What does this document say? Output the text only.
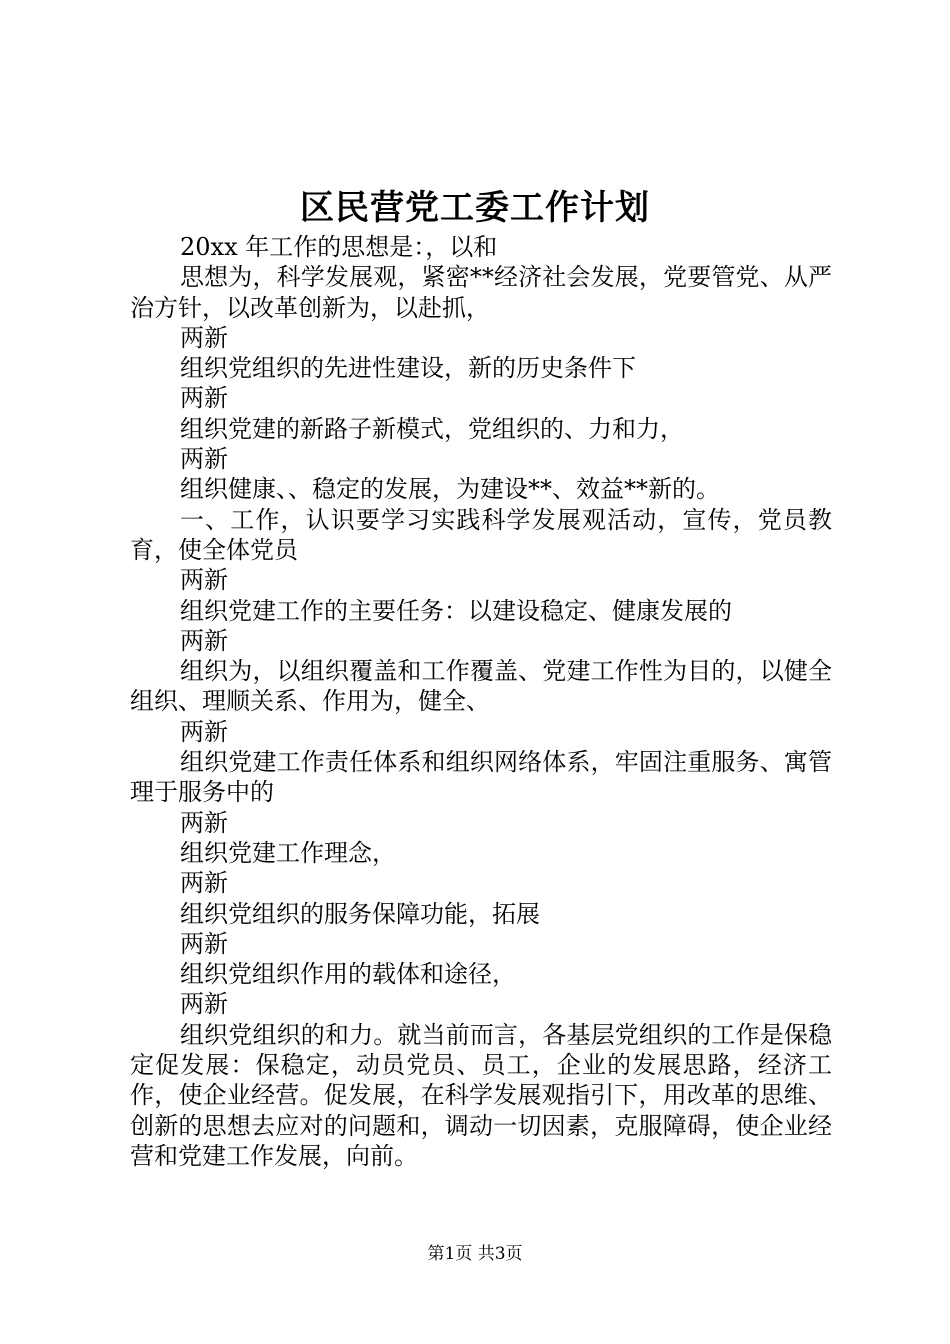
区民营党工委工作计划

20xx 年工作的思想是：，以和

思想为，科学发展观，紧密**经济社会发展，党要管党、从严治方针，以改革创新为，以赴抓，

两新

组织党组织的先进性建设，新的历史条件下

两新

组织党建的新路子新模式，党组织的、力和力，

两新

组织健康、、稳定的发展，为建设**、效益**新的。

一、工作，认识要学习实践科学发展观活动，宣传，党员教育，使全体党员

两新

组织党建工作的主要任务：以建设稳定、健康发展的

两新

组织为，以组织覆盖和工作覆盖、党建工作性为目的，以健全组织、理顺关系、作用为，健全、

两新

组织党建工作责任体系和组织网络体系，牢固注重服务、寓管理于服务中的

两新

组织党建工作理念，

两新

组织党组织的服务保障功能，拓展

两新

组织党组织作用的载体和途径，

两新

组织党组织的和力。就当前而言，各基层党组织的工作是保稳定促发展：保稳定，动员党员、员工，企业的发展思路，经济工作，使企业经营。促发展，在科学发展观指引下，用改革的思维、创新的思想去应对的问题和，调动一切因素，克服障碍，使企业经营和党建工作发展，向前。

第1页 共3页
